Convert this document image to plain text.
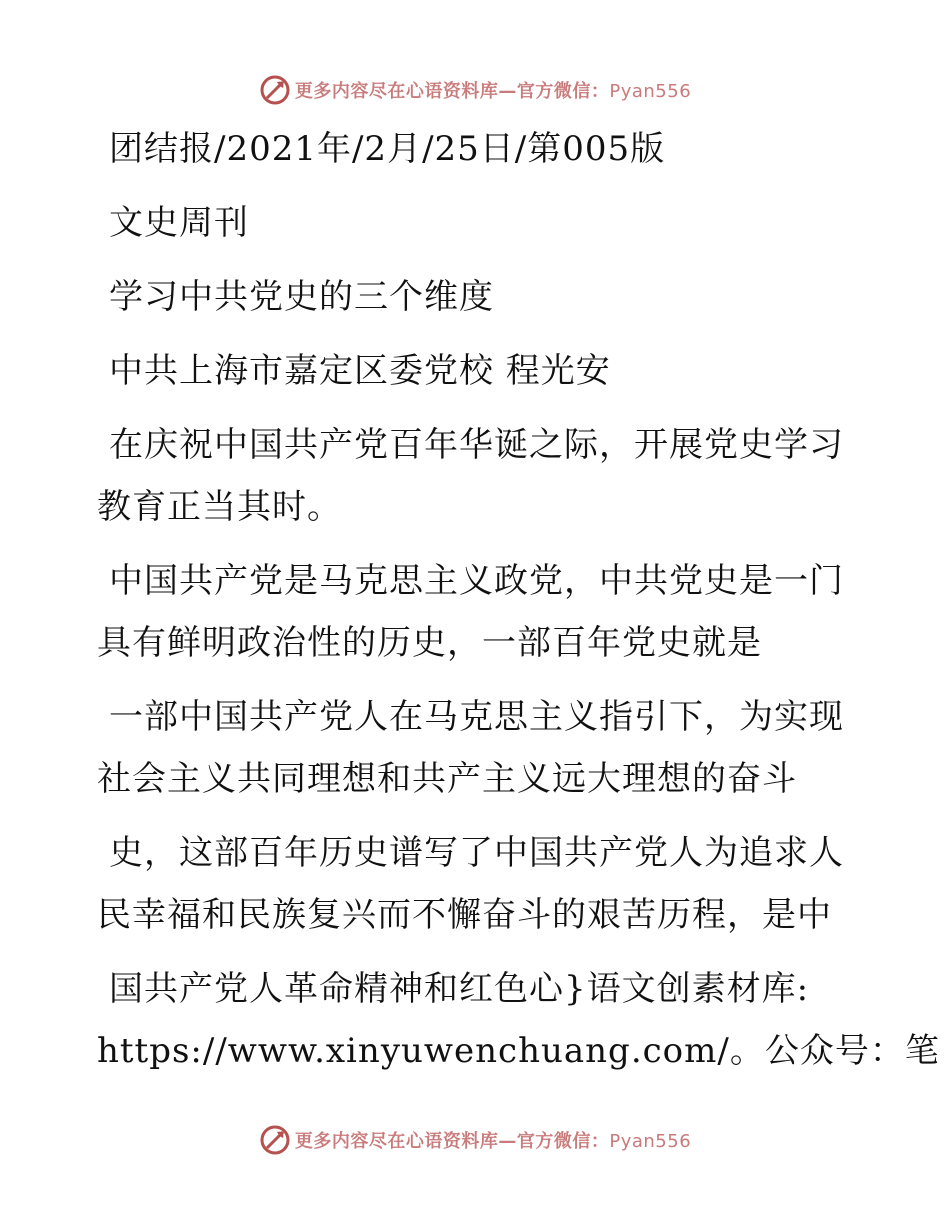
更多内容尽在心语资料库—官方微信：Pyan556
团结报/2021年/2月/25日/第005版
文史周刊
学习中共党史的三个维度
中共上海市嘉定区委党校 程光安
在庆祝中国共产党百年华诞之际，开展党史学习
教育正当其时。
中国共产党是马克思主义政党，中共党史是一门
具有鲜明政治性的历史，一部百年党史就是
一部中国共产党人在马克思主义指引下，为实现
社会主义共同理想和共产主义远大理想的奋斗
史，这部百年历史谱写了中国共产党人为追求人
民幸福和民族复兴而不懈奋斗的艰苦历程，是中
国共产党人革命精神和红色心}语文创素材库:
https://www.xinyuwenchuang.com/。公众号：笔
更多内容尽在心语资料库—官方微信：Pyan556
